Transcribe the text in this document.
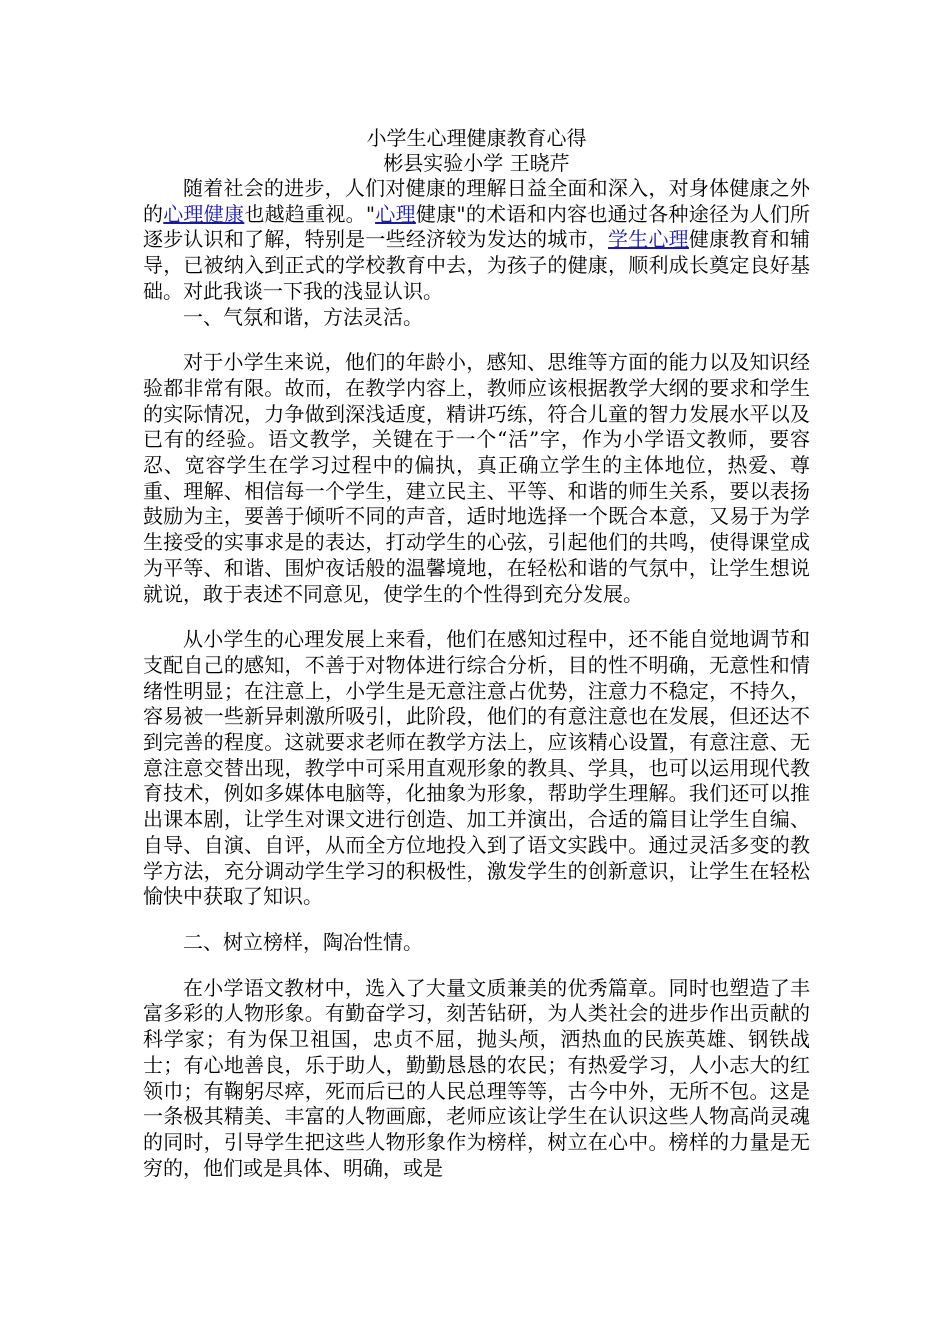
小学生心理健康教育心得
彬县实验小学 王晓芹

随着社会的进步，人们对健康的理解日益全面和深入，对身体健康之外的心理健康也越趋重视。"心理健康"的术语和内容也通过各种途径为人们所逐步认识和了解，特别是一些经济较为发达的城市，学生心理健康教育和辅导，已被纳入到正式的学校教育中去，为孩子的健康，顺利成长奠定良好基础。对此我谈一下我的浅显认识。

一、气氛和谐，方法灵活。

对于小学生来说，他们的年龄小，感知、思维等方面的能力以及知识经验都非常有限。故而，在教学内容上，教师应该根据教学大纲的要求和学生的实际情况，力争做到深浅适度，精讲巧练，符合儿童的智力发展水平以及已有的经验。语文教学，关键在于一个“活”字，作为小学语文教师，要容忍、宽容学生在学习过程中的偏执，真正确立学生的主体地位，热爱、尊重、理解、相信每一个学生，建立民主、平等、和谐的师生关系，要以表扬鼓励为主，要善于倾听不同的声音，适时地选择一个既合本意，又易于为学生接受的实事求是的表达，打动学生的心弦，引起他们的共鸣，使得课堂成为平等、和谐、围炉夜话般的温馨境地，在轻松和谐的气氛中，让学生想说就说，敢于表述不同意见，使学生的个性得到充分发展。

从小学生的心理发展上来看，他们在感知过程中，还不能自觉地调节和支配自己的感知，不善于对物体进行综合分析，目的性不明确，无意性和情绪性明显；在注意上，小学生是无意注意占优势，注意力不稳定，不持久，容易被一些新异刺激所吸引，此阶段，他们的有意注意也在发展，但还达不到完善的程度。这就要求老师在教学方法上，应该精心设置，有意注意、无意注意交替出现，教学中可采用直观形象的教具、学具，也可以运用现代教育技术，例如多媒体电脑等，化抽象为形象，帮助学生理解。我们还可以推出课本剧，让学生对课文进行创造、加工并演出，合适的篇目让学生自编、自导、自演、自评，从而全方位地投入到了语文实践中。通过灵活多变的教学方法，充分调动学生学习的积极性，激发学生的创新意识，让学生在轻松愉快中获取了知识。

二、树立榜样，陶冶性情。

在小学语文教材中，选入了大量文质兼美的优秀篇章。同时也塑造了丰富多彩的人物形象。有勤奋学习，刻苦钻研，为人类社会的进步作出贡献的科学家；有为保卫祖国，忠贞不屈，抛头颅，洒热血的民族英雄、钢铁战士；有心地善良，乐于助人，勤勤恳恳的农民；有热爱学习，人小志大的红领巾；有鞠躬尽瘁，死而后已的人民总理等等，古今中外，无所不包。这是一条极其精美、丰富的人物画廊，老师应该让学生在认识这些人物高尚灵魂的同时，引导学生把这些人物形象作为榜样，树立在心中。榜样的力量是无穷的，他们或是具体、明确，或是
